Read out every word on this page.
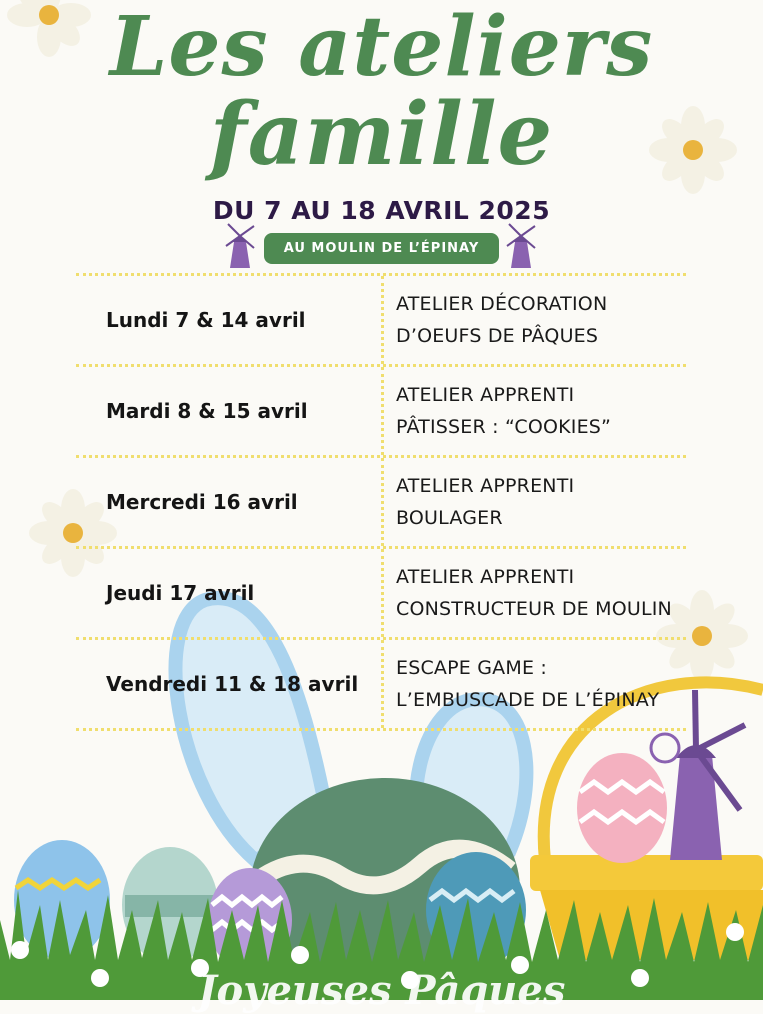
Les ateliers
famille
DU 7 AU 18 AVRIL 2025
AU MOULIN DE L’ÉPINAY
Lundi 7 & 14 avril
ATELIER DÉCORATION
D’OEUFS DE PÂQUES
Mardi 8 & 15 avril
ATELIER APPRENTI
PÂTISSER : “COOKIES”
Mercredi 16 avril
ATELIER APPRENTI
BOULAGER
Jeudi 17 avril
ATELIER APPRENTI
CONSTRUCTEUR DE MOULIN
Vendredi 11 & 18 avril
ESCAPE GAME :
L’EMBUSCADE DE L’ÉPINAY
Joyeuses Pâques
